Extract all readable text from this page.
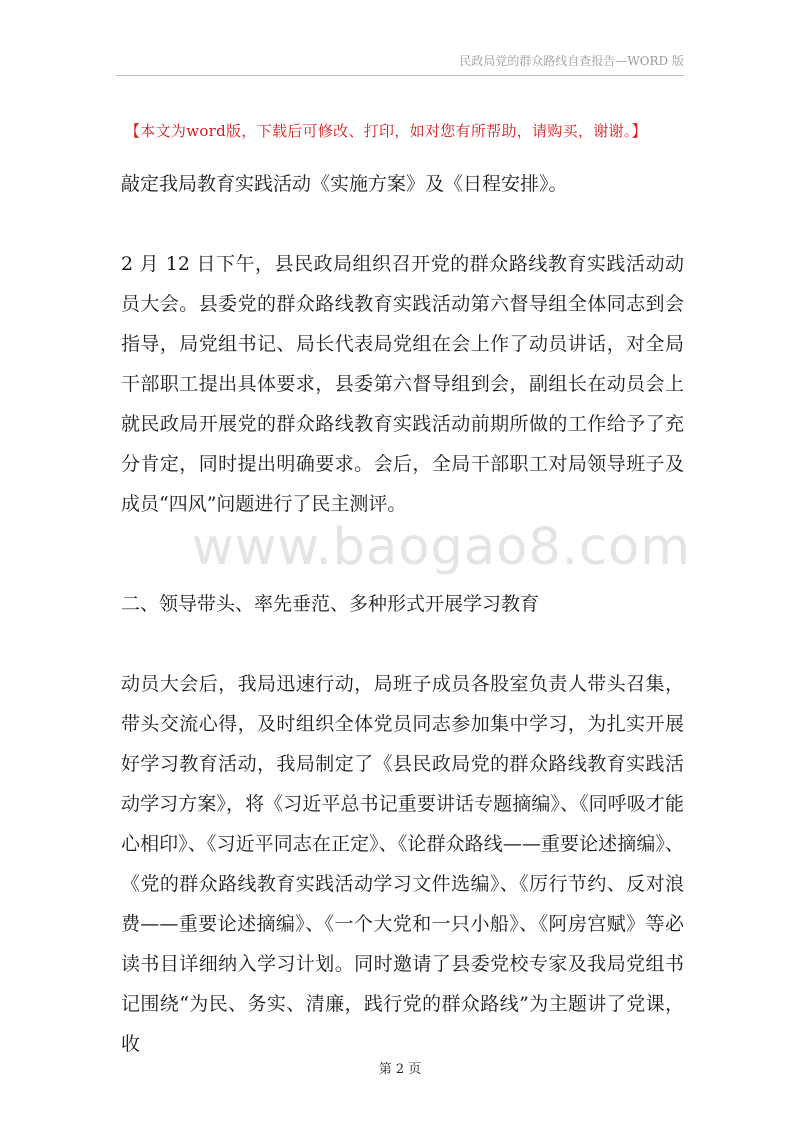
民政局党的群众路线自查报告—WORD 版
【本文为word版，下载后可修改、打印，如对您有所帮助，请购买，谢谢。】
www.baogao8.com

敲定我局教育实践活动《实施方案》及《日程安排》。

2 月 12 日下午，县民政局组织召开党的群众路线教育实践活动动员大会。县委党的群众路线教育实践活动第六督导组全体同志到会指导，局党组书记、局长代表局党组在会上作了动员讲话，对全局干部职工提出具体要求，县委第六督导组到会，副组长在动员会上就民政局开展党的群众路线教育实践活动前期所做的工作给予了充分肯定，同时提出明确要求。会后，全局干部职工对局领导班子及成员“四风”问题进行了民主测评。

二、领导带头、率先垂范、多种形式开展学习教育

动员大会后，我局迅速行动，局班子成员各股室负责人带头召集，带头交流心得，及时组织全体党员同志参加集中学习，为扎实开展好学习教育活动，我局制定了《县民政局党的群众路线教育实践活动学习方案》，将《习近平总书记重要讲话专题摘编》、《同呼吸才能心相印》、《习近平同志在正定》、《论群众路线——重要论述摘编》、《党的群众路线教育实践活动学习文件选编》、《厉行节约、反对浪费——重要论述摘编》、《一个大党和一只小船》、《阿房宫赋》等必读书目详细纳入学习计划。同时邀请了县委党校专家及我局党组书记围绕“为民、务实、清廉，践行党的群众路线”为主题讲了党课，收

第 2 页
